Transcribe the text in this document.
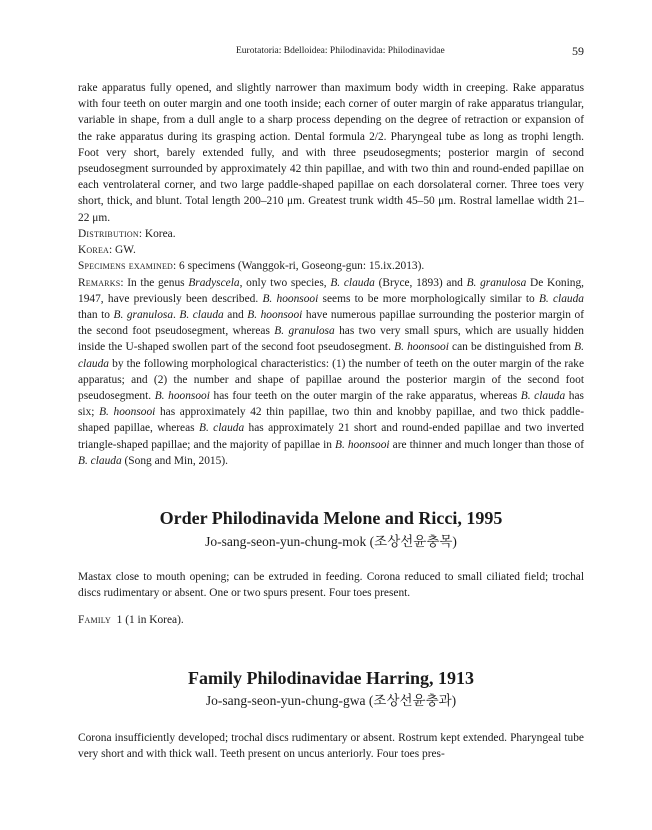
Eurotatoria: Bdelloidea: Philodinavida: Philodinavidae	59

rake apparatus fully opened, and slightly narrower than maximum body width in creeping. Rake apparatus with four teeth on outer margin and one tooth inside; each corner of outer margin of rake apparatus triangular, variable in shape, from a dull angle to a sharp process depending on the degree of retraction or expansion of the rake apparatus during its grasping action. Dental formula 2/2. Pharyngeal tube as long as trophi length. Foot very short, barely extended fully, and with three pseudosegments; posterior margin of second pseudosegment surrounded by approximately 42 thin papillae, and with two thin and round-ended papillae on each ventrolateral corner, and two large paddle-shaped papillae on each dorsolateral corner. Three toes very short, thick, and blunt. Total length 200–210 μm. Greatest trunk width 45–50 μm. Rostral lamellae width 21–22 μm.

Distribution: Korea.

Korea: GW.

Specimens examined: 6 specimens (Wanggok-ri, Goseong-gun: 15.ix.2013).

Remarks: In the genus Bradyscela, only two species, B. clauda (Bryce, 1893) and B. granulosa De Koning, 1947, have previously been described. B. hoonsooi seems to be more morphologically similar to B. clauda than to B. granulosa. B. clauda and B. hoonsooi have numerous papillae surrounding the posterior margin of the second foot pseudosegment, whereas B. granulosa has two very small spurs, which are usually hidden inside the U-shaped swollen part of the second foot pseudosegment. B. hoonsooi can be distinguished from B. clauda by the following morphological characteristics: (1) the number of teeth on the outer margin of the rake apparatus; and (2) the number and shape of papillae around the posterior margin of the second foot pseudosegment. B. hoonsooi has four teeth on the outer margin of the rake apparatus, whereas B. clauda has six; B. hoonsooi has approximately 42 thin papillae, two thin and knobby papillae, and two thick paddle-shaped papillae, whereas B. clauda has approximately 21 short and round-ended papillae and two inverted triangle-shaped papillae; and the majority of papillae in B. hoonsooi are thinner and much longer than those of B. clauda (Song and Min, 2015).

Order Philodinavida Melone and Ricci, 1995
Jo-sang-seon-yun-chung-mok (조상선윤충목)

Mastax close to mouth opening; can be extruded in feeding. Corona reduced to small ciliated field; trochal discs rudimentary or absent. One or two spurs present. Four toes present.

Family 1 (1 in Korea).

Family Philodinavidae Harring, 1913
Jo-sang-seon-yun-chung-gwa (조상선윤충과)

Corona insufficiently developed; trochal discs rudimentary or absent. Rostrum kept extended. Pharyngeal tube very short and with thick wall. Teeth present on uncus anteriorly. Four toes pres-
